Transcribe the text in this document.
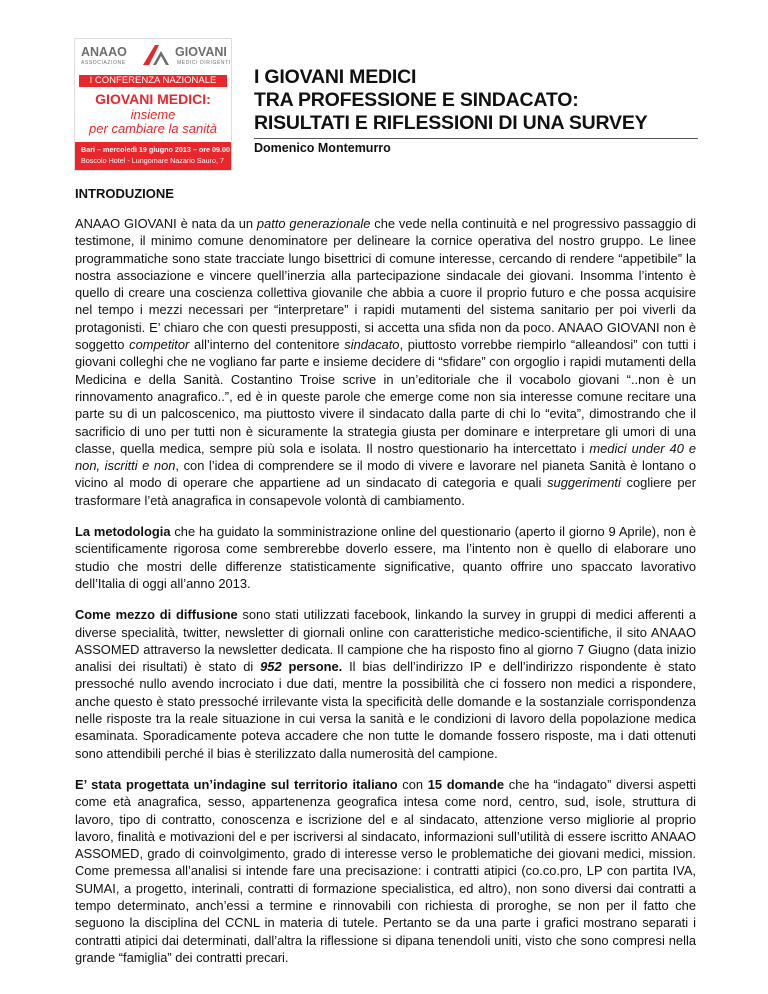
ANAAO	GIOVANI
ASSOCIAZIONE	MEDICI DIRIGENTI
I CONFERENZA NAZIONALE
GIOVANI MEDICI:
insieme
per cambiare la sanità
Bari – mercoledì 19 giugno 2013 – ore 09.00
Boscolo Hotel - Lungomare Nazario Sauro, 7
I GIOVANI MEDICI
TRA PROFESSIONE E SINDACATO:
RISULTATI E RIFLESSIONI DI UNA SURVEY
Domenico Montemurro
INTRODUZIONE

ANAAO GIOVANI è nata da un patto generazionale che vede nella continuità e nel progressivo passaggio di testimone, il minimo comune denominatore per delineare la cornice operativa del nostro gruppo. Le linee programmatiche sono state tracciate lungo bisettrici di comune interesse, cercando di rendere “appetibile” la nostra associazione e vincere quell’inerzia alla partecipazione sindacale dei giovani. Insomma l’intento è quello di creare una coscienza collettiva giovanile che abbia a cuore il proprio futuro e che possa acquisire nel tempo i mezzi necessari per “interpretare” i rapidi mutamenti del sistema sanitario per poi viverli da protagonisti. E’ chiaro che con questi presupposti, si accetta una sfida non da poco. ANAAO GIOVANI non è soggetto competitor all’interno del contenitore sindacato, piuttosto vorrebbe riempirlo “alleandosi” con tutti i giovani colleghi che ne vogliano far parte e insieme decidere di “sfidare” con orgoglio i rapidi mutamenti della Medicina e della Sanità. Costantino Troise scrive in un’editoriale che il vocabolo giovani “..non è un rinnovamento anagrafico..”, ed è in queste parole che emerge come non sia interesse comune recitare una parte su di un palcoscenico, ma piuttosto vivere il sindacato dalla parte di chi lo “evita”, dimostrando che il sacrificio di uno per tutti non è sicuramente la strategia giusta per dominare e interpretare gli umori di una classe, quella medica, sempre più sola e isolata. Il nostro questionario ha intercettato i medici under 40 e non, iscritti e non, con l’idea di comprendere se il modo di vivere e lavorare nel pianeta Sanità è lontano o vicino al modo di operare che appartiene ad un sindacato di categoria e quali suggerimenti cogliere per trasformare l’età anagrafica in consapevole volontà di cambiamento.

La metodologia che ha guidato la somministrazione online del questionario (aperto il giorno 9 Aprile), non è scientificamente rigorosa come sembrerebbe doverlo essere, ma l’intento non è quello di elaborare uno studio che mostri delle differenze statisticamente significative, quanto offrire uno spaccato lavorativo dell’Italia di oggi all’anno 2013.

Come mezzo di diffusione sono stati utilizzati facebook, linkando la survey in gruppi di medici afferenti a diverse specialità, twitter, newsletter di giornali online con caratteristiche medico-scientifiche, il sito ANAAO ASSOMED attraverso la newsletter dedicata. Il campione che ha risposto fino al giorno 7 Giugno (data inizio analisi dei risultati) è stato di 952 persone. Il bias dell’indirizzo IP e dell’indirizzo rispondente è stato pressoché nullo avendo incrociato i due dati, mentre la possibilità che ci fossero non medici a rispondere, anche questo è stato pressoché irrilevante vista la specificità delle domande e la sostanziale corrispondenza nelle risposte tra la reale situazione in cui versa la sanità e le condizioni di lavoro della popolazione medica esaminata. Sporadicamente poteva accadere che non tutte le domande fossero risposte, ma i dati ottenuti sono attendibili perché il bias è sterilizzato dalla numerosità del campione.

E’ stata progettata un’indagine sul territorio italiano con 15 domande che ha “indagato” diversi aspetti come età anagrafica, sesso, appartenenza geografica intesa come nord, centro, sud, isole, struttura di lavoro, tipo di contratto, conoscenza e iscrizione del e al sindacato, attenzione verso migliorie al proprio lavoro, finalità e motivazioni del e per iscriversi al sindacato, informazioni sull’utilità di essere iscritto ANAAO ASSOMED, grado di coinvolgimento, grado di interesse verso le problematiche dei giovani medici, mission. Come premessa all’analisi si intende fare una precisazione: i contratti atipici (co.co.pro, LP con partita IVA, SUMAI, a progetto, interinali, contratti di formazione specialistica, ed altro), non sono diversi dai contratti a tempo determinato, anch’essi a termine e rinnovabili con richiesta di proroghe, se non per il fatto che seguono la disciplina del CCNL in materia di tutele. Pertanto se da una parte i grafici mostrano separati i contratti atipici dai determinati, dall’altra la riflessione si dipana tenendoli uniti, visto che sono compresi nella grande “famiglia” dei contratti precari.
